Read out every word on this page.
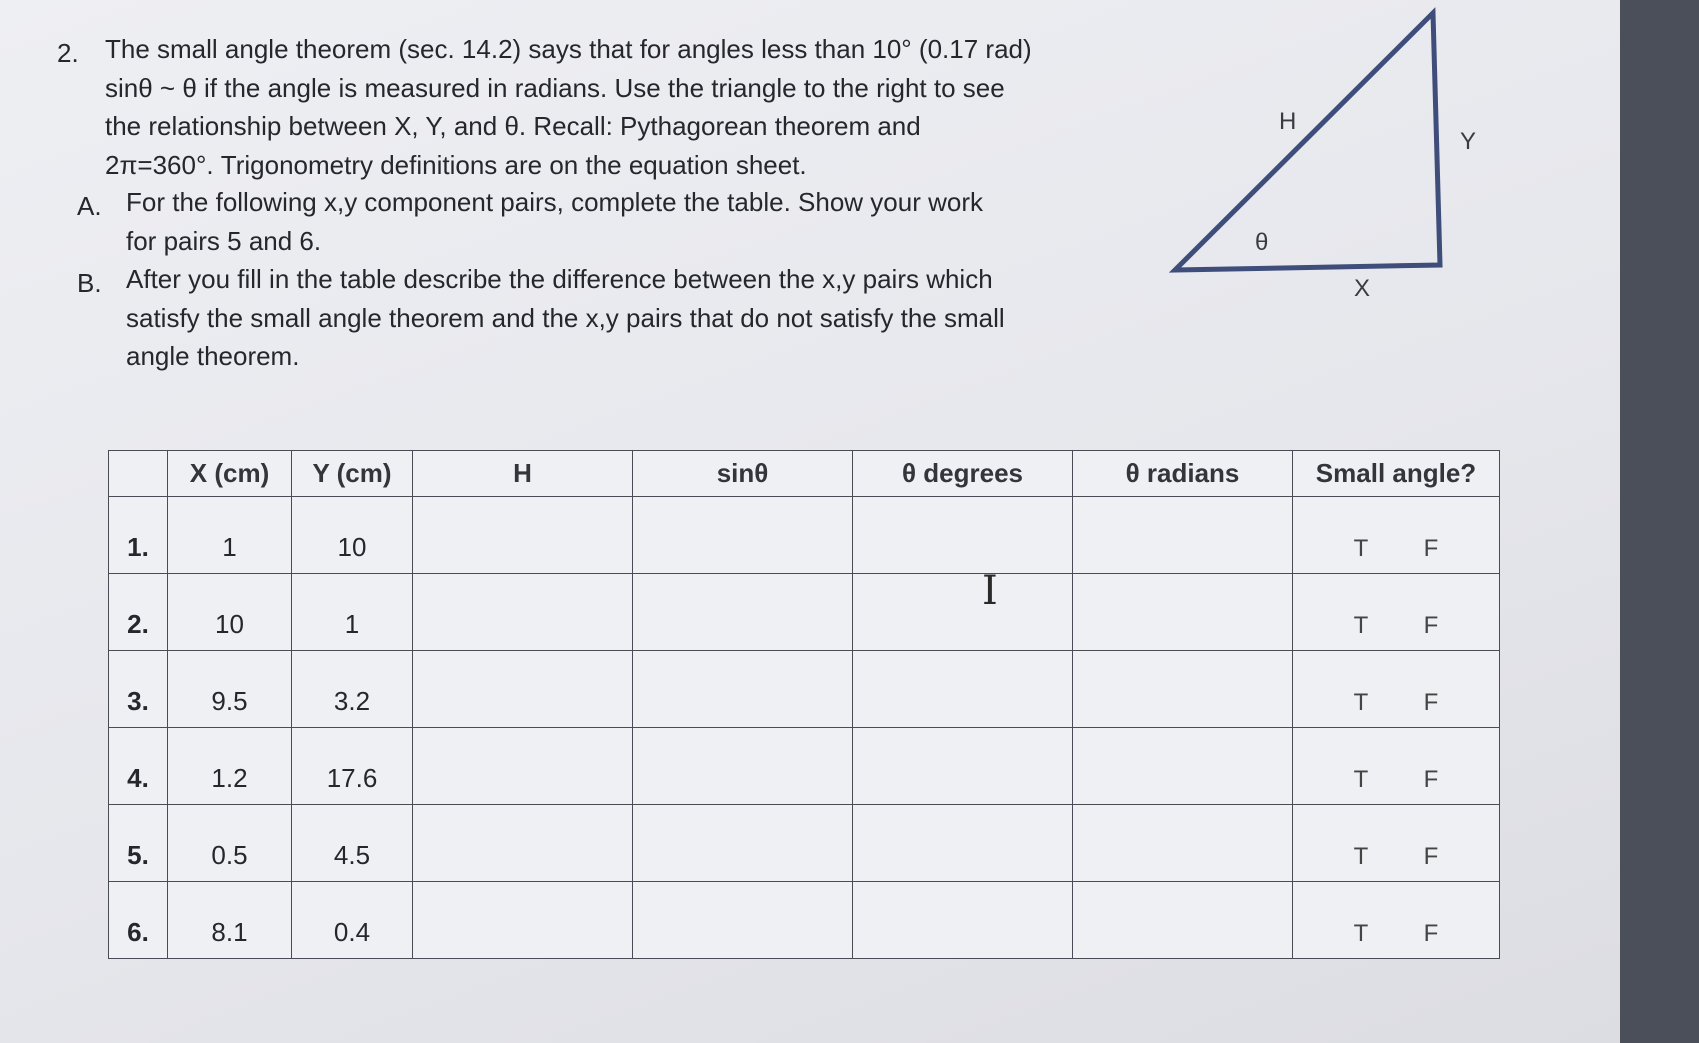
2. The small angle theorem (sec. 14.2) says that for angles less than 10° (0.17 rad)
sinθ ~ θ if the angle is measured in radians. Use the triangle to the right to see
the relationship between X, Y, and θ. Recall: Pythagorean theorem and
2π=360°. Trigonometry definitions are on the equation sheet.
A. For the following x,y component pairs, complete the table. Show your work
for pairs 5 and 6.
B. After you fill in the table describe the difference between the x,y pairs which
satisfy the small angle theorem and the x,y pairs that do not satisfy the small
angle theorem.
H
Y
θ
X
	X (cm)	Y (cm)	H	sinθ	θ degrees	θ radians	Small angle?
1.	1	10					T F
2.	10	1					T F
3.	9.5	3.2					T F
4.	1.2	17.6					T F
5.	0.5	4.5					T F
6.	8.1	0.4					T F
I
